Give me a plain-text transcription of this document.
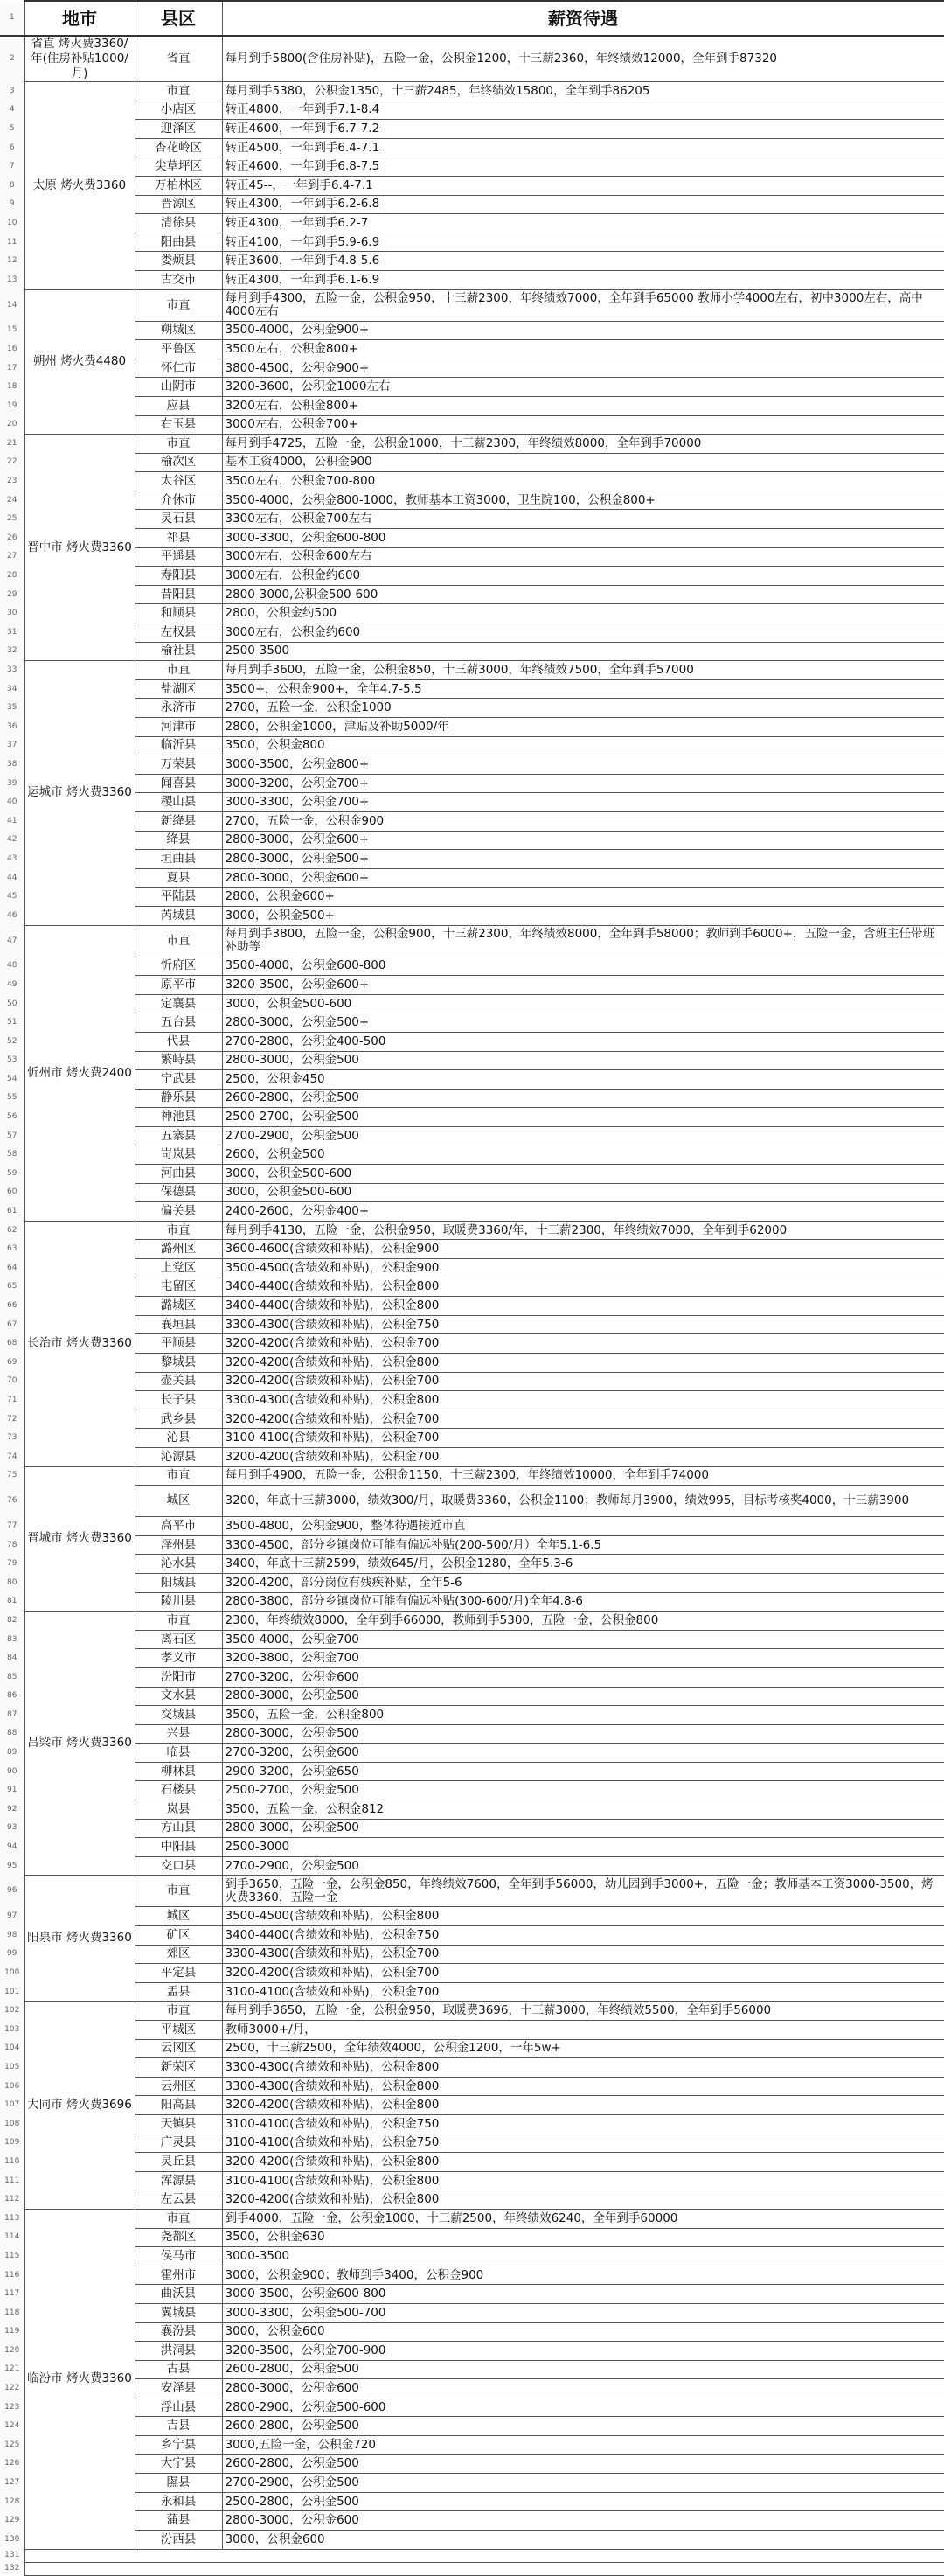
1	地市	县区	薪资待遇
2	省直 烤火费3360/年(住房补贴1000/月)	省直	每月到手5800(含住房补贴)，五险一金，公积金1200，十三薪2360，年终绩效12000，全年到手87320
3	太原 烤火费3360	市直	每月到手5380，公积金1350，十三薪2485，年终绩效15800，全年到手86205
4		小店区	转正4800，一年到手7.1-8.4
5		迎泽区	转正4600，一年到手6.7-7.2
6		杏花岭区	转正4500，一年到手6.4-7.1
7		尖草坪区	转正4600，一年到手6.8-7.5
8		万柏林区	转正45--，一年到手6.4-7.1
9		晋源区	转正4300，一年到手6.2-6.8
10		清徐县	转正4300，一年到手6.2-7
11		阳曲县	转正4100，一年到手5.9-6.9
12		娄烦县	转正3600，一年到手4.8-5.6
13		古交市	转正4300，一年到手6.1-6.9
14	朔州 烤火费4480	市直	每月到手4300，五险一金，公积金950，十三薪2300，年终绩效7000，全年到手65000 教师小学4000左右，初中3000左右，高中4000左右
15		朔城区	3500-4000，公积金900+
16		平鲁区	3500左右，公积金800+
17		怀仁市	3800-4500，公积金900+
18		山阴市	3200-3600，公积金1000左右
19		应县	3200左右，公积金800+
20		右玉县	3000左右，公积金700+
21	晋中市 烤火费3360	市直	每月到手4725，五险一金，公积金1000，十三薪2300，年终绩效8000，全年到手70000
22		榆次区	基本工资4000，公积金900
23		太谷区	3500左右，公积金700-800
24		介休市	3500-4000，公积金800-1000，教师基本工资3000，卫生院100，公积金800+
25		灵石县	3300左右，公积金700左右
26		祁县	3000-3300，公积金600-800
27		平遥县	3000左右，公积金600左右
28		寿阳县	3000左右，公积金约600
29		昔阳县	2800-3000,公积金500-600
30		和顺县	2800，公积金约500
31		左权县	3000左右，公积金约600
32		榆社县	2500-3500
33	运城市 烤火费3360	市直	每月到手3600，五险一金，公积金850，十三薪3000，年终绩效7500，全年到手57000
34		盐湖区	3500+，公积金900+，全年4.7-5.5
35		永济市	2700，五险一金，公积金1000
36		河津市	2800，公积金1000，津贴及补助5000/年
37		临沂县	3500，公积金800
38		万荣县	3000-3500，公积金800+
39		闻喜县	3000-3200，公积金700+
40		稷山县	3000-3300，公积金700+
41		新绛县	2700，五险一金，公积金900
42		绛县	2800-3000，公积金600+
43		垣曲县	2800-3000，公积金500+
44		夏县	2800-3000，公积金600+
45		平陆县	2800，公积金600+
46		芮城县	3000，公积金500+
47	忻州市 烤火费2400	市直	每月到手3800，五险一金，公积金900，十三薪2300，年终绩效8000，全年到手58000；教师到手6000+，五险一金，含班主任带班补助等
48		忻府区	3500-4000，公积金600-800
49		原平市	3200-3500，公积金600+
50		定襄县	3000，公积金500-600
51		五台县	2800-3000，公积金500+
52		代县	2700-2800，公积金400-500
53		繁峙县	2800-3000，公积金500
54		宁武县	2500，公积金450
55		静乐县	2600-2800，公积金500
56		神池县	2500-2700，公积金500
57		五寨县	2700-2900，公积金500
58		岢岚县	2600，公积金500
59		河曲县	3000，公积金500-600
60		保德县	3000，公积金500-600
61		偏关县	2400-2600，公积金400+
62	长治市 烤火费3360	市直	每月到手4130，五险一金，公积金950，取暖费3360/年，十三薪2300，年终绩效7000，全年到手62000
63		潞州区	3600-4600(含绩效和补贴)，公积金900
64		上党区	3500-4500(含绩效和补贴)，公积金900
65		屯留区	3400-4400(含绩效和补贴)，公积金800
66		潞城区	3400-4400(含绩效和补贴)，公积金800
67		襄垣县	3300-4300(含绩效和补贴)，公积金750
68		平顺县	3200-4200(含绩效和补贴)，公积金700
69		黎城县	3200-4200(含绩效和补贴)，公积金800
70		壶关县	3200-4200(含绩效和补贴)，公积金700
71		长子县	3300-4300(含绩效和补贴)，公积金800
72		武乡县	3200-4200(含绩效和补贴)，公积金700
73		沁县	3100-4100(含绩效和补贴)，公积金700
74		沁源县	3200-4200(含绩效和补贴)，公积金700
75	晋城市 烤火费3360	市直	每月到手4900，五险一金，公积金1150，十三薪2300，年终绩效10000，全年到手74000
76		城区	3200，年底十三薪3000，绩效300/月，取暖费3360，公积金1100；教师每月3900，绩效995，目标考核奖4000，十三薪3900
77		高平市	3500-4800，公积金900，整体待遇接近市直
78		泽州县	3300-4500，部分乡镇岗位可能有偏远补贴(200-500/月）全年5.1-6.5
79		沁水县	3400，年底十三薪2599，绩效645/月，公积金1280，全年5.3-6
80		阳城县	3200-4200，部分岗位有残疾补贴，全年5-6
81		陵川县	2800-3800，部分乡镇岗位可能有偏远补贴(300-600/月)全年4.8-6
82	吕梁市 烤火费3360	市直	2300，年终绩效8000，全年到手66000，教师到手5300，五险一金，公积金800
83		离石区	3500-4000，公积金700
84		孝义市	3200-3800，公积金700
85		汾阳市	2700-3200，公积金600
86		文水县	2800-3000，公积金500
87		交城县	3500，五险一金，公积金800
88		兴县	2800-3000，公积金500
89		临县	2700-3200，公积金600
90		柳林县	2900-3200，公积金650
91		石楼县	2500-2700，公积金500
92		岚县	3500，五险一金，公积金812
93		方山县	2800-3000，公积金500
94		中阳县	2500-3000
95		交口县	2700-2900，公积金500
96	阳泉市 烤火费3360	市直	到手3650，五险一金，公积金850，年终绩效7600，全年到手56000，幼儿园到手3000+，五险一金；教师基本工资3000-3500，烤火费3360，五险一金
97		城区	3500-4500(含绩效和补贴)，公积金800
98		矿区	3400-4400(含绩效和补贴)，公积金750
99		郊区	3300-4300(含绩效和补贴)，公积金700
100		平定县	3200-4200(含绩效和补贴)，公积金700
101		盂县	3100-4100(含绩效和补贴)，公积金700
102	大同市 烤火费3696	市直	每月到手3650，五险一金，公积金950，取暖费3696，十三薪3000，年终绩效5500，全年到手56000
103		平城区	教师3000+/月，
104		云冈区	2500，十三薪2500，全年绩效4000，公积金1200，一年5w+
105		新荣区	3300-4300(含绩效和补贴)，公积金800
106		云州区	3300-4300(含绩效和补贴)，公积金800
107		阳高县	3200-4200(含绩效和补贴)，公积金800
108		天镇县	3100-4100(含绩效和补贴)，公积金750
109		广灵县	3100-4100(含绩效和补贴)，公积金750
110		灵丘县	3200-4200(含绩效和补贴)，公积金800
111		浑源县	3100-4100(含绩效和补贴)，公积金800
112		左云县	3200-4200(含绩效和补贴)，公积金800
113	临汾市 烤火费3360	市直	到手4000，五险一金，公积金1000，十三薪2500，年终绩效6240，全年到手60000
114		尧都区	3500，公积金630
115		侯马市	3000-3500
116		霍州市	3000，公积金900；教师到手3400，公积金900
117		曲沃县	3000-3500，公积金600-800
118		翼城县	3000-3300，公积金500-700
119		襄汾县	3000，公积金600
120		洪洞县	3200-3500，公积金700-900
121		古县	2600-2800，公积金500
122		安泽县	2800-3000，公积金600
123		浮山县	2800-2900，公积金500-600
124		吉县	2600-2800，公积金500
125		乡宁县	3000,五险一金，公积金720
126		大宁县	2600-2800，公积金500
127		隰县	2700-2900，公积金500
128		永和县	2500-2800，公积金500
129		蒲县	2800-3000，公积金600
130		汾西县	3000，公积金600
131			
132			
